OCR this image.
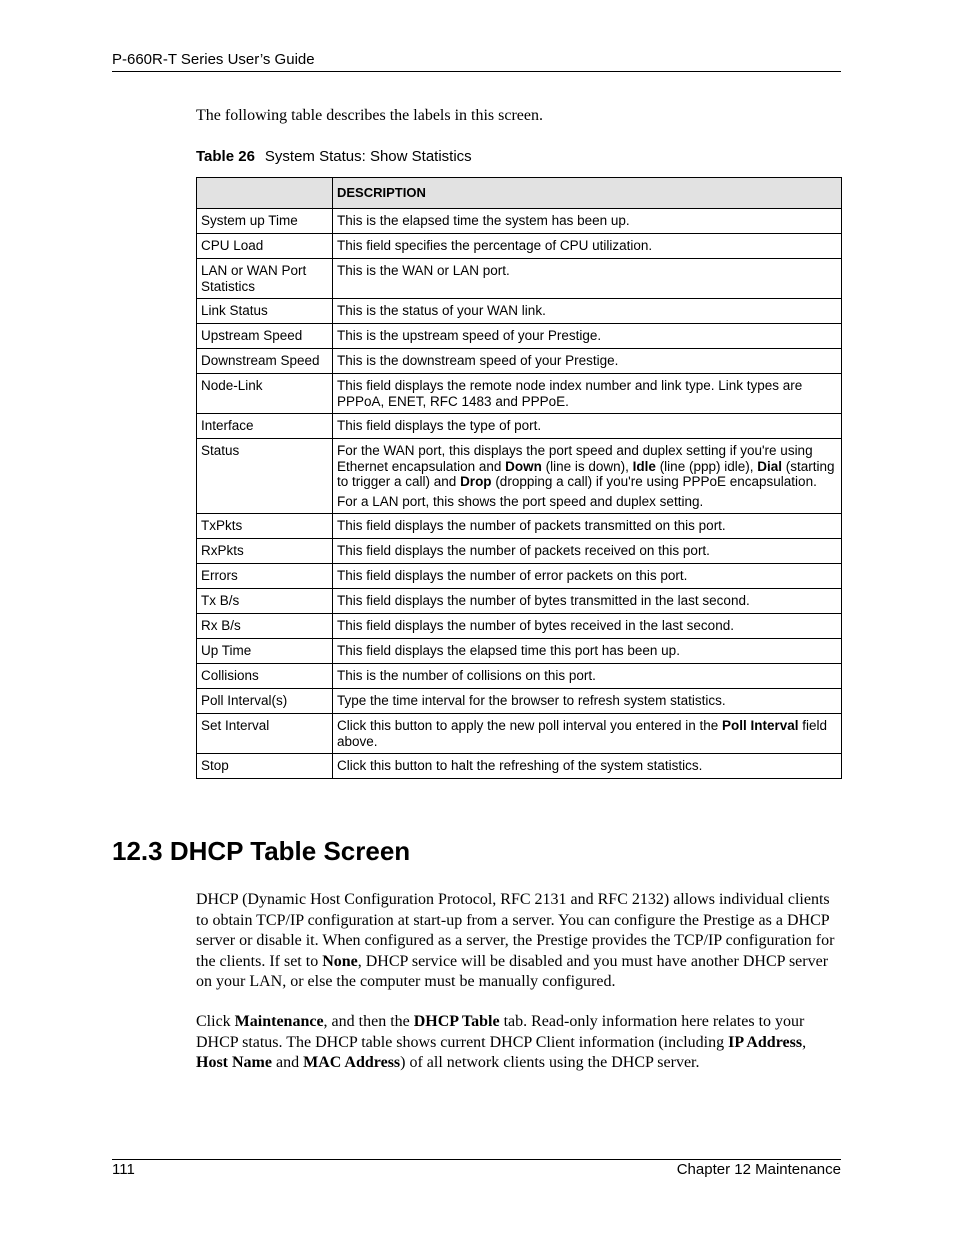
P-660R-T Series User’s Guide
The following table describes the labels in this screen.
Table 26 System Status: Show Statistics
	DESCRIPTION
System up Time	This is the elapsed time the system has been up.
CPU Load	This field specifies the percentage of CPU utilization.
LAN or WAN Port Statistics	This is the WAN or LAN port.
Link Status	This is the status of your WAN link.
Upstream Speed	This is the upstream speed of your Prestige.
Downstream Speed	This is the downstream speed of your Prestige.
Node-Link	This field displays the remote node index number and link type. Link types are PPPoA, ENET, RFC 1483 and PPPoE.
Interface	This field displays the type of port.
Status	For the WAN port, this displays the port speed and duplex setting if you're using Ethernet encapsulation and Down (line is down), Idle (line (ppp) idle), Dial (starting to trigger a call) and Drop (dropping a call) if you're using PPPoE encapsulation.

For a LAN port, this shows the port speed and duplex setting.

TxPkts	This field displays the number of packets transmitted on this port.
RxPkts	This field displays the number of packets received on this port.
Errors	This field displays the number of error packets on this port.
Tx B/s	This field displays the number of bytes transmitted in the last second.
Rx B/s	This field displays the number of bytes received in the last second.
Up Time	This field displays the elapsed time this port has been up.
Collisions	This is the number of collisions on this port.
Poll Interval(s)	Type the time interval for the browser to refresh system statistics.
Set Interval	Click this button to apply the new poll interval you entered in the Poll Interval field above.

Stop	Click this button to halt the refreshing of the system statistics.
12.3 DHCP Table Screen

DHCP (Dynamic Host Configuration Protocol, RFC 2131 and RFC 2132) allows individual clients to obtain TCP/IP configuration at start-up from a server. You can configure the Prestige as a DHCP server or disable it. When configured as a server, the Prestige provides the TCP/IP configuration for the clients. If set to None, DHCP service will be disabled and you must have another DHCP server on your LAN, or else the computer must be manually configured.

Click Maintenance, and then the DHCP Table tab. Read-only information here relates to your DHCP status. The DHCP table shows current DHCP Client information (including IP Address, Host Name and MAC Address) of all network clients using the DHCP server.

111	Chapter 12 Maintenance
